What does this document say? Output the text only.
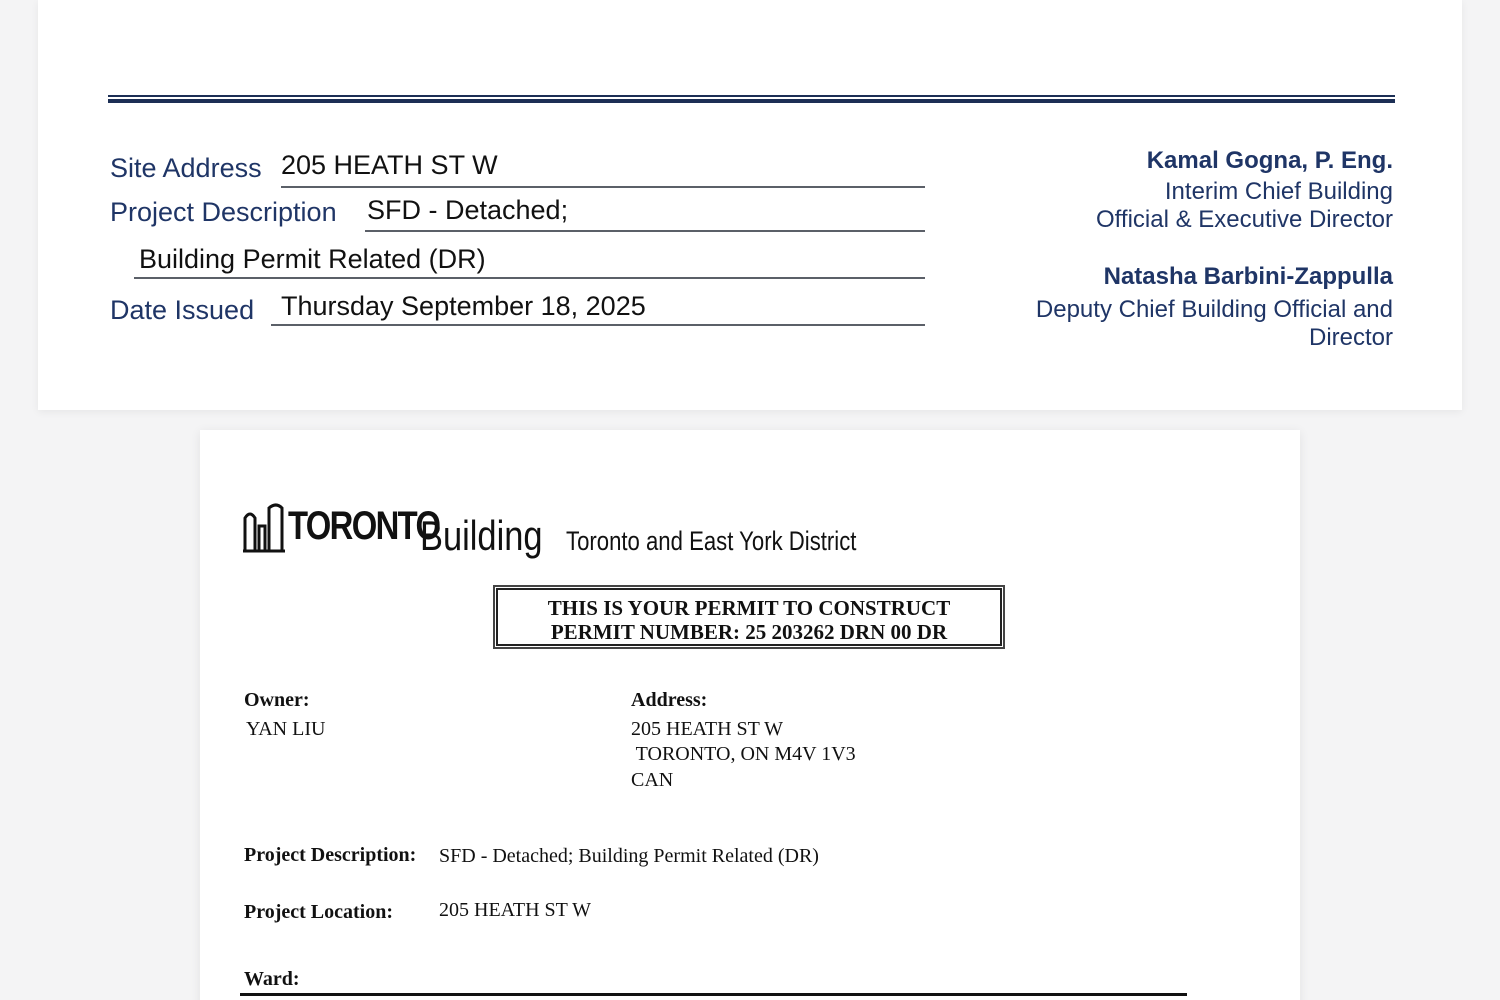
Site Address 205 HEATH ST W
Project Description SFD - Detached;
Building Permit Related (DR)
Date Issued Thursday September 18, 2025
Kamal Gogna, P. Eng.
Interim Chief Building
Official & Executive Director
Natasha Barbini-Zappulla
Deputy Chief Building Official and
Director
TORONTO
Building Toronto and East York District
THIS IS YOUR PERMIT TO CONSTRUCT
PERMIT NUMBER: 25 203262 DRN 00 DR
Owner:
YAN LIU
Address:
205 HEATH ST W
TORONTO, ON M4V 1V3
CAN
Project Description: SFD - Detached; Building Permit Related (DR)
Project Location: 205 HEATH ST W
Ward:
